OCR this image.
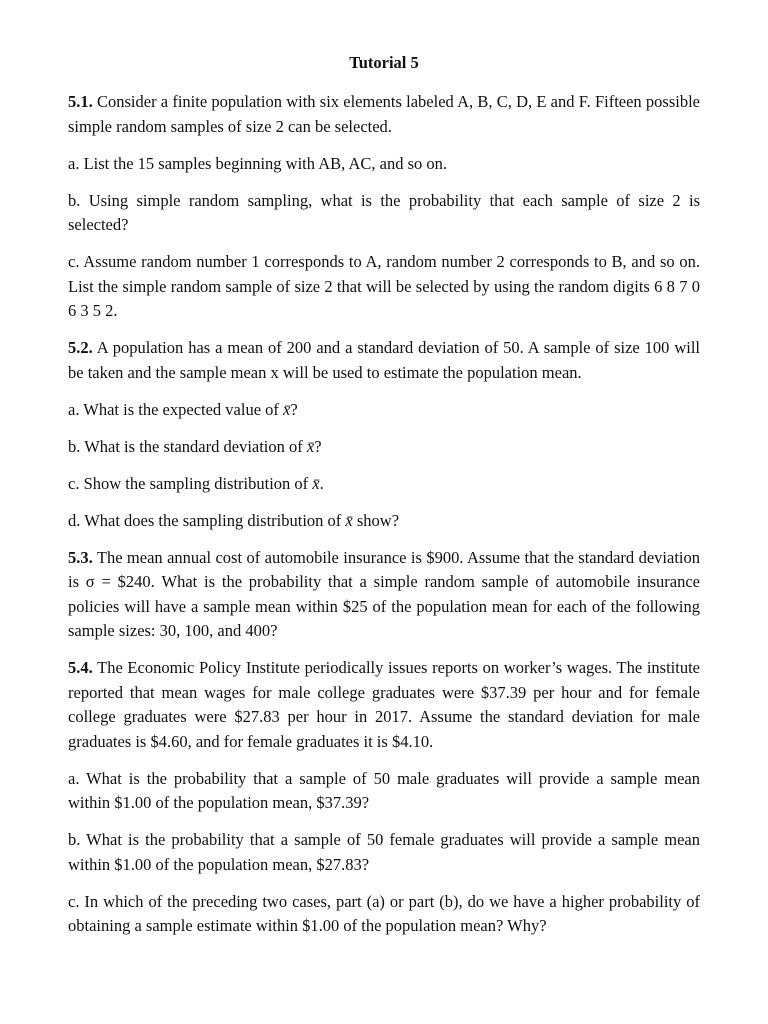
Tutorial 5

5.1. Consider a finite population with six elements labeled A, B, C, D, E and F. Fifteen possible simple random samples of size 2 can be selected.

a. List the 15 samples beginning with AB, AC, and so on.

b. Using simple random sampling, what is the probability that each sample of size 2 is selected?

c. Assume random number 1 corresponds to A, random number 2 corresponds to B, and so on. List the simple random sample of size 2 that will be selected by using the random digits 6 8 7 0 6 3 5 2.

5.2. A population has a mean of 200 and a standard deviation of 50. A sample of size 100 will be taken and the sample mean x will be used to estimate the population mean.

a. What is the expected value of x̄?

b. What is the standard deviation of x̄?

c. Show the sampling distribution of x̄.

d. What does the sampling distribution of x̄ show?

5.3. The mean annual cost of automobile insurance is $900. Assume that the standard deviation is σ = $240. What is the probability that a simple random sample of automobile insurance policies will have a sample mean within $25 of the population mean for each of the following sample sizes: 30, 100, and 400?

5.4. The Economic Policy Institute periodically issues reports on worker’s wages. The institute reported that mean wages for male college graduates were $37.39 per hour and for female college graduates were $27.83 per hour in 2017. Assume the standard deviation for male graduates is $4.60, and for female graduates it is $4.10.

a. What is the probability that a sample of 50 male graduates will provide a sample mean within $1.00 of the population mean, $37.39?

b. What is the probability that a sample of 50 female graduates will provide a sample mean within $1.00 of the population mean, $27.83?

c. In which of the preceding two cases, part (a) or part (b), do we have a higher probability of obtaining a sample estimate within $1.00 of the population mean? Why?
